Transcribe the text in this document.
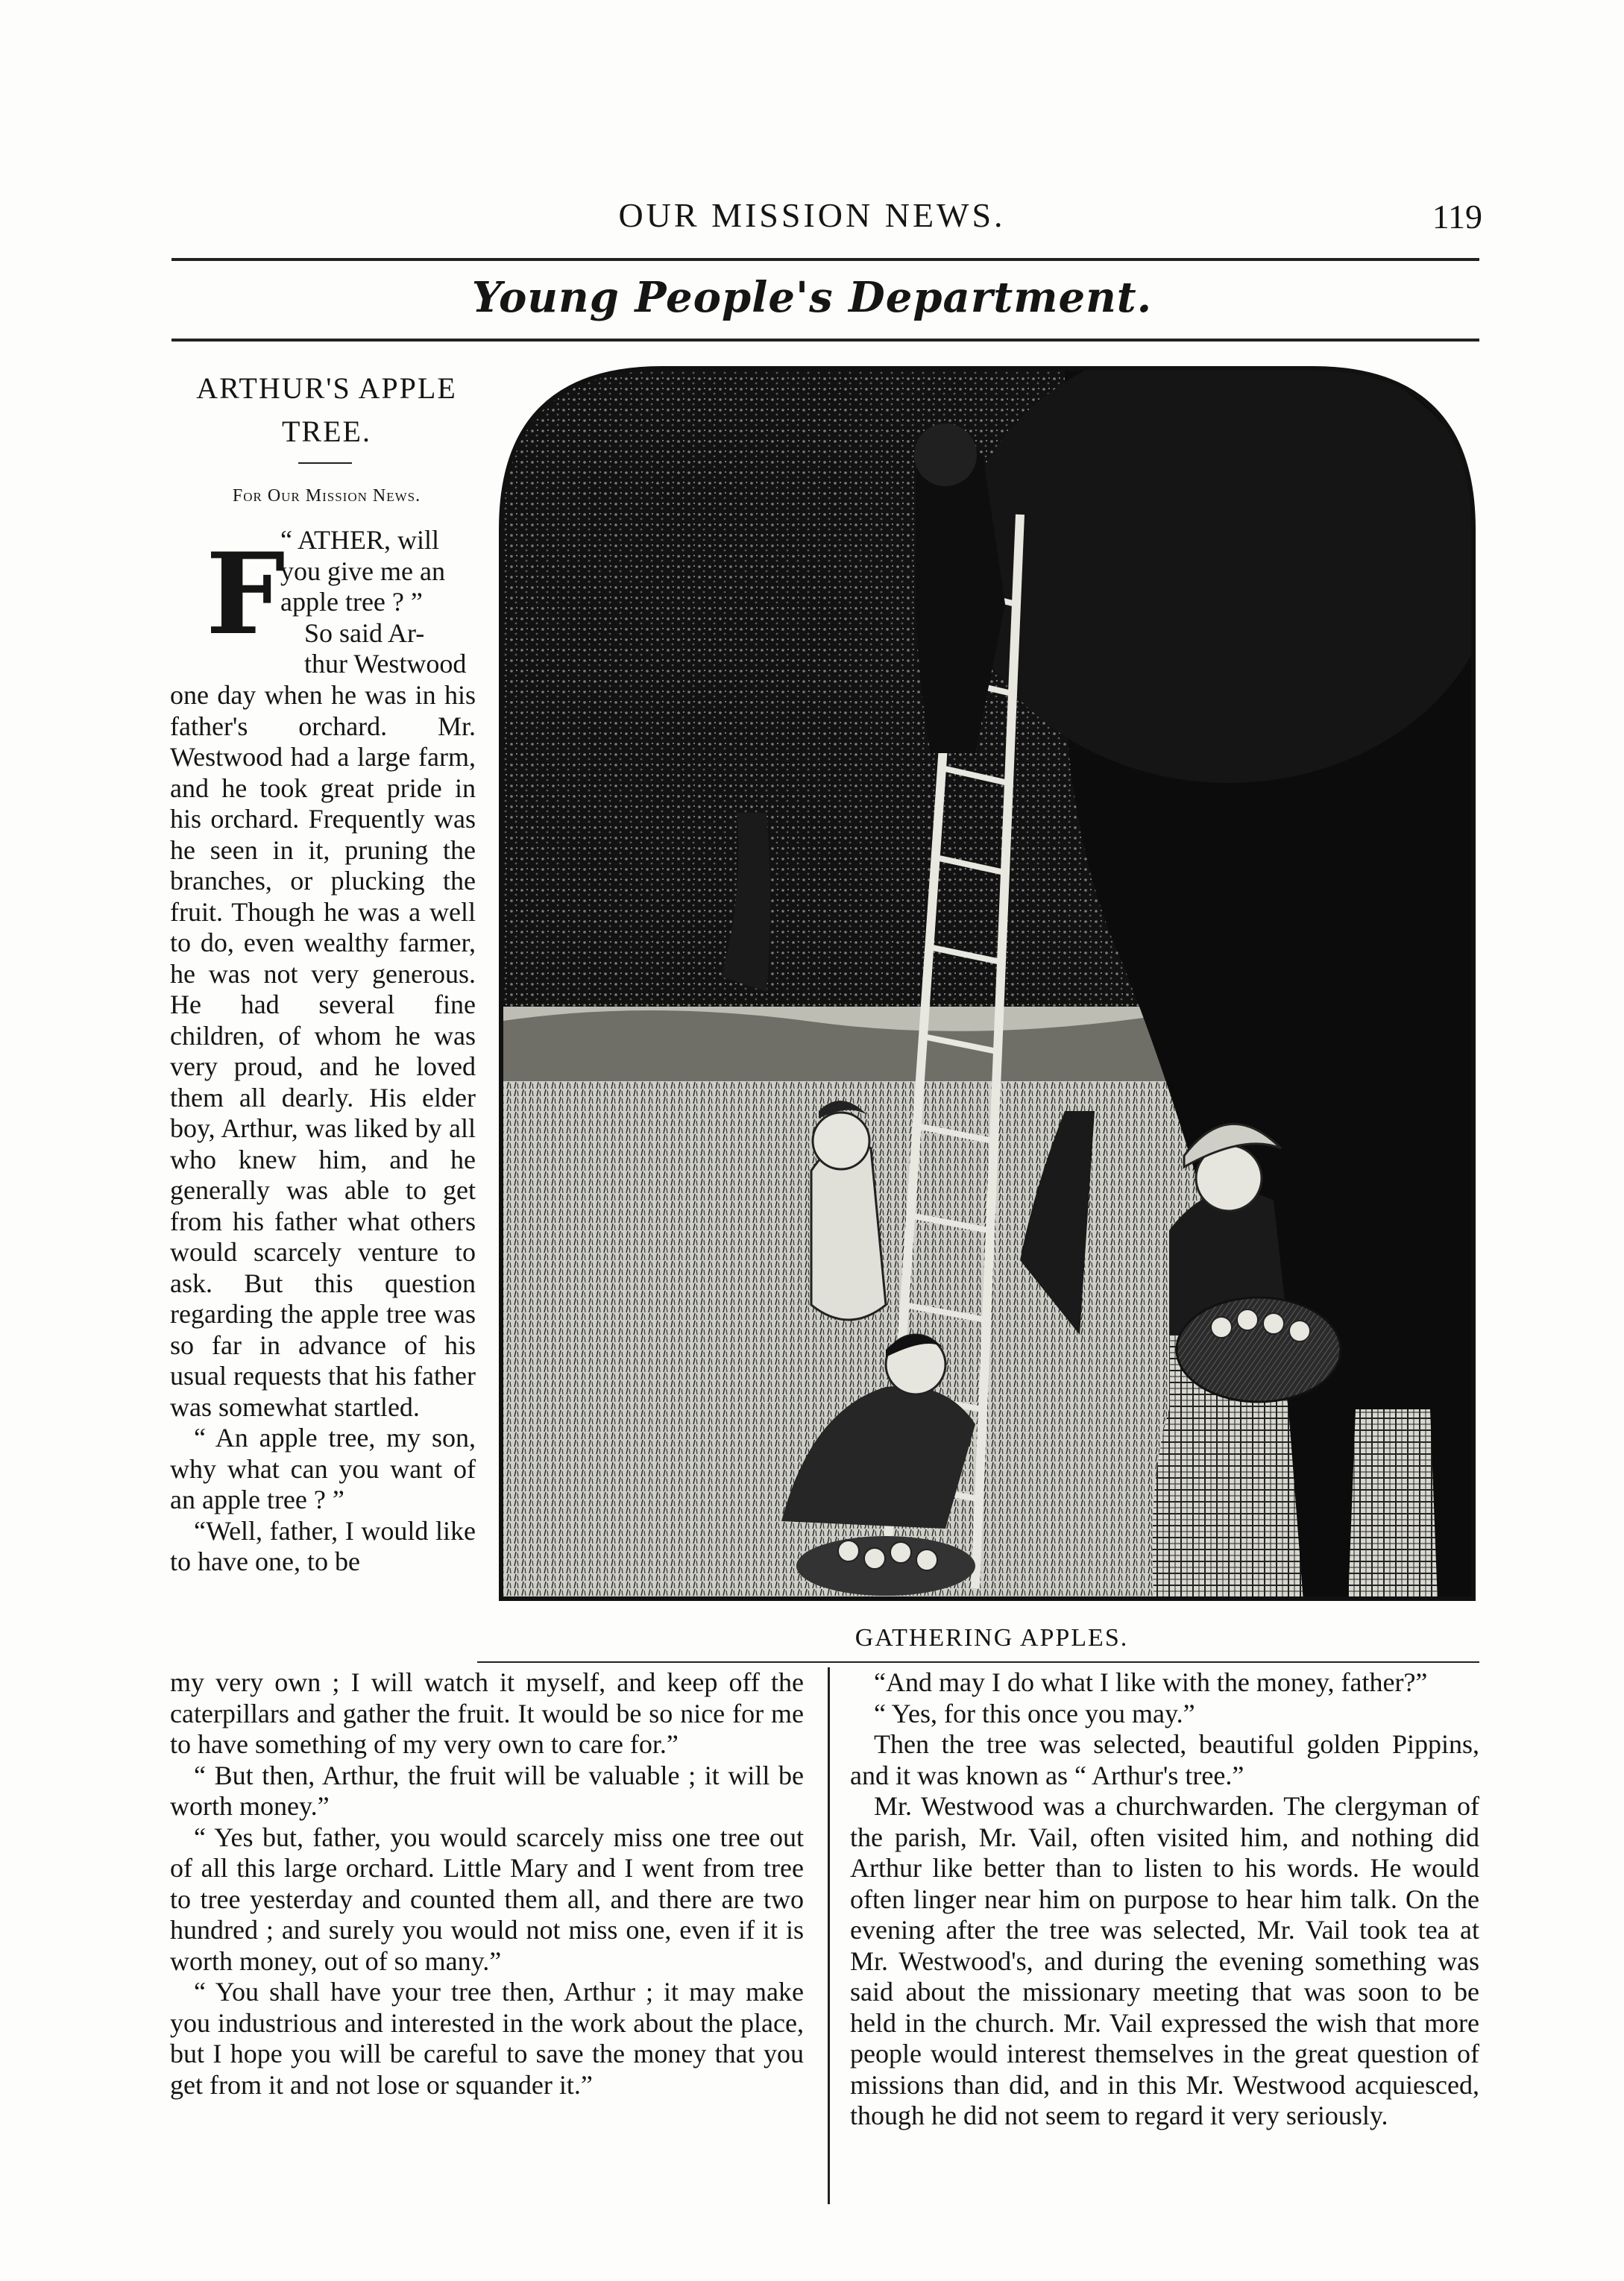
OUR MISSION NEWS.	119
Young People's Department.
ARTHUR'S APPLE TREE.
For Our Mission News.
F
“ ATHER, will
you give me an
apple tree ? ”
So said Ar-
thur Westwood

one day when he was in his father's orchard. Mr. Westwood had a large farm, and he took great pride in his orchard. Frequently was he seen in it, pruning the branches, or plucking the fruit. Though he was a well to do, even wealthy farmer, he was not very generous. He had several fine children, of whom he was very proud, and he loved them all dearly. His elder boy, Arthur, was liked by all who knew him, and he generally was able to get from his father what others would scarcely venture to ask. But this question regarding the apple tree was so far in advance of his usual requests that his father was somewhat startled.

“ An apple tree, my son, why what can you want of an apple tree ? ”

“Well, father, I would like to have one, to be

GATHERING APPLES.

my very own ; I will watch it myself, and keep off the caterpillars and gather the fruit. It would be so nice for me to have something of my very own to care for.”

“ But then, Arthur, the fruit will be valuable ; it will be worth money.”

“ Yes but, father, you would scarcely miss one tree out of all this large orchard. Little Mary and I went from tree to tree yesterday and counted them all, and there are two hundred ; and surely you would not miss one, even if it is worth money, out of so many.”

“ You shall have your tree then, Arthur ; it may make you industrious and interested in the work about the place, but I hope you will be careful to save the money that you get from it and not lose or squander it.”

“And may I do what I like with the money, father?”

“ Yes, for this once you may.”

Then the tree was selected, beautiful golden Pippins, and it was known as “ Arthur's tree.”

Mr. Westwood was a churchwarden. The clergyman of the parish, Mr. Vail, often visited him, and nothing did Arthur like better than to listen to his words. He would often linger near him on purpose to hear him talk. On the evening after the tree was selected, Mr. Vail took tea at Mr. Westwood's, and during the evening something was said about the missionary meeting that was soon to be held in the church. Mr. Vail expressed the wish that more people would interest themselves in the great question of missions than did, and in this Mr. Westwood acquiesced, though he did not seem to regard it very seriously.
